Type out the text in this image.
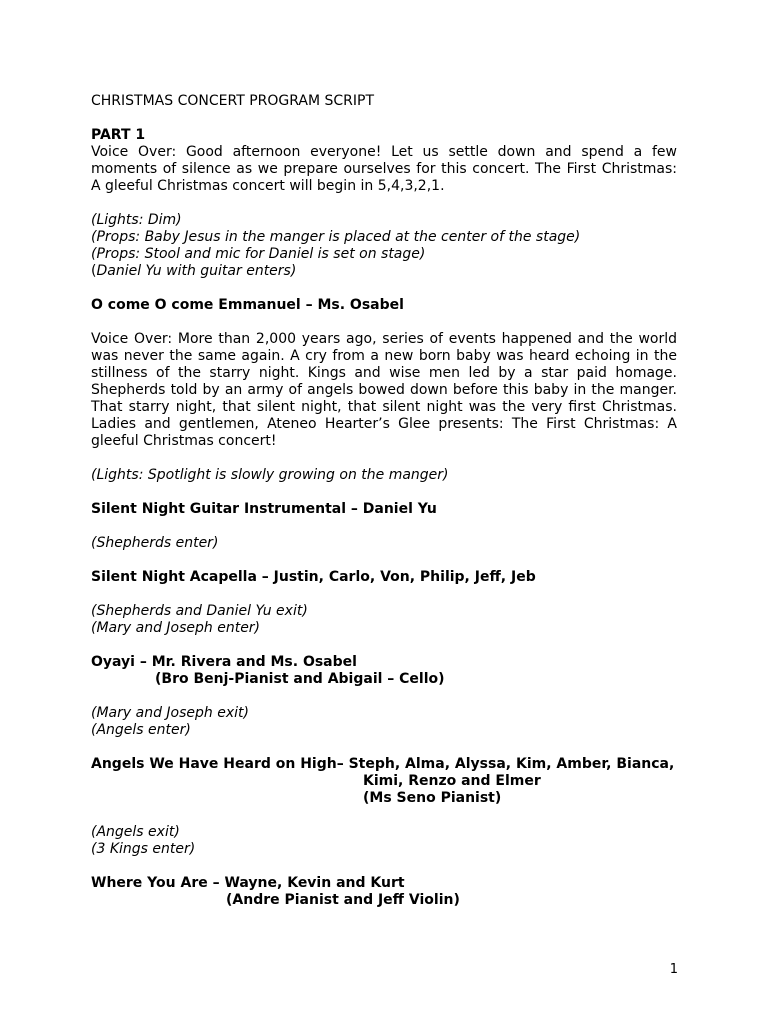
CHRISTMAS CONCERT PROGRAM SCRIPT

PART 1

Voice Over: Good afternoon everyone! Let us settle down and spend a few moments of silence as we prepare ourselves for this concert. The First Christmas: A gleeful Christmas concert will begin in 5,4,3,2,1.

(Lights: Dim)

(Props: Baby Jesus in the manger is placed at the center of the stage)

(Props: Stool and mic for Daniel is set on stage)

(Daniel Yu with guitar enters)

O come O come Emmanuel – Ms. Osabel

Voice Over: More than 2,000 years ago, series of events happened and the world was never the same again. A cry from a new born baby was heard echoing in the stillness of the starry night. Kings and wise men led by a star paid homage. Shepherds told by an army of angels bowed down before this baby in the manger. That starry night, that silent night, that silent night was the very first Christmas. Ladies and gentlemen, Ateneo Hearter’s Glee presents: The First Christmas: A gleeful Christmas concert!

(Lights: Spotlight is slowly growing on the manger)

Silent Night Guitar Instrumental – Daniel Yu

(Shepherds enter)

Silent Night Acapella – Justin, Carlo, Von, Philip, Jeff, Jeb

(Shepherds and Daniel Yu exit)

(Mary and Joseph enter)

Oyayi – Mr. Rivera and Ms. Osabel

(Bro Benj-Pianist and Abigail – Cello)

(Mary and Joseph exit)

(Angels enter)

Angels We Have Heard on High– Steph, Alma, Alyssa, Kim, Amber, Bianca,

Kimi, Renzo and Elmer

(Ms Seno Pianist)

(Angels exit)

(3 Kings enter)

Where You Are – Wayne, Kevin and Kurt

(Andre Pianist and Jeff Violin)

1
